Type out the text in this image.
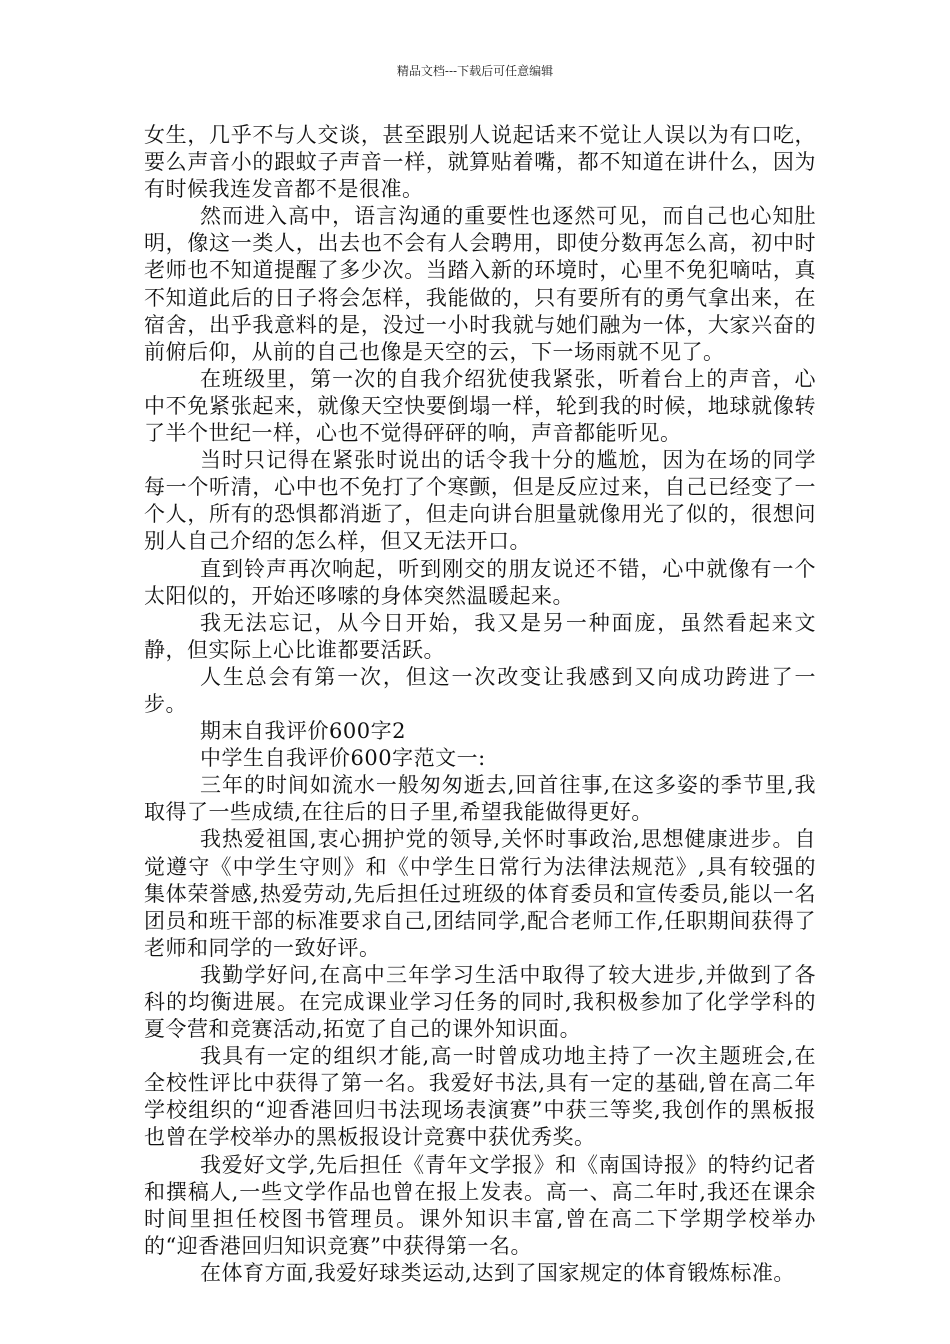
精品文档---下载后可任意编辑

女生，几乎不与人交谈，甚至跟别人说起话来不觉让人误以为有口吃，要么声音小的跟蚊子声音一样，就算贴着嘴，都不知道在讲什么，因为有时候我连发音都不是很准。

然而进入高中，语言沟通的重要性也逐然可见，而自己也心知肚明，像这一类人，出去也不会有人会聘用，即使分数再怎么高，初中时老师也不知道提醒了多少次。当踏入新的环境时，心里不免犯嘀咕，真不知道此后的日子将会怎样，我能做的，只有要所有的勇气拿出来，在宿舍，出乎我意料的是，没过一小时我就与她们融为一体，大家兴奋的前俯后仰，从前的自己也像是天空的云，下一场雨就不见了。

在班级里，第一次的自我介绍犹使我紧张，听着台上的声音，心中不免紧张起来，就像天空快要倒塌一样，轮到我的时候，地球就像转了半个世纪一样，心也不觉得砰砰的响，声音都能听见。

当时只记得在紧张时说出的话令我十分的尴尬，因为在场的同学每一个听清，心中也不免打了个寒颤，但是反应过来，自己已经变了一个人，所有的恐惧都消逝了，但走向讲台胆量就像用光了似的，很想问别人自己介绍的怎么样，但又无法开口。

直到铃声再次响起，听到刚交的朋友说还不错，心中就像有一个太阳似的，开始还哆嗦的身体突然温暖起来。

我无法忘记，从今日开始，我又是另一种面庞，虽然看起来文静，但实际上心比谁都要活跃。

人生总会有第一次，但这一次改变让我感到又向成功跨进了一步。

期末自我评价600字2

中学生自我评价600字范文一:

三年的时间如流水一般匆匆逝去,回首往事,在这多姿的季节里,我取得了一些成绩,在往后的日子里,希望我能做得更好。

我热爱祖国,衷心拥护党的领导,关怀时事政治,思想健康进步。自觉遵守《中学生守则》和《中学生日常行为法律法规范》,具有较强的集体荣誉感,热爱劳动,先后担任过班级的体育委员和宣传委员,能以一名团员和班干部的标准要求自己,团结同学,配合老师工作,任职期间获得了老师和同学的一致好评。

我勤学好问,在高中三年学习生活中取得了较大进步,并做到了各科的均衡进展。在完成课业学习任务的同时,我积极参加了化学学科的夏令营和竞赛活动,拓宽了自己的课外知识面。

我具有一定的组织才能,高一时曾成功地主持了一次主题班会,在全校性评比中获得了第一名。我爱好书法,具有一定的基础,曾在高二年学校组织的“迎香港回归书法现场表演赛”中获三等奖,我创作的黑板报也曾在学校举办的黑板报设计竞赛中获优秀奖。

我爱好文学,先后担任《青年文学报》和《南国诗报》的特约记者和撰稿人,一些文学作品也曾在报上发表。高一、高二年时,我还在课余时间里担任校图书管理员。课外知识丰富,曾在高二下学期学校举办的“迎香港回归知识竞赛”中获得第一名。

在体育方面,我爱好球类运动,达到了国家规定的体育锻炼标准。
